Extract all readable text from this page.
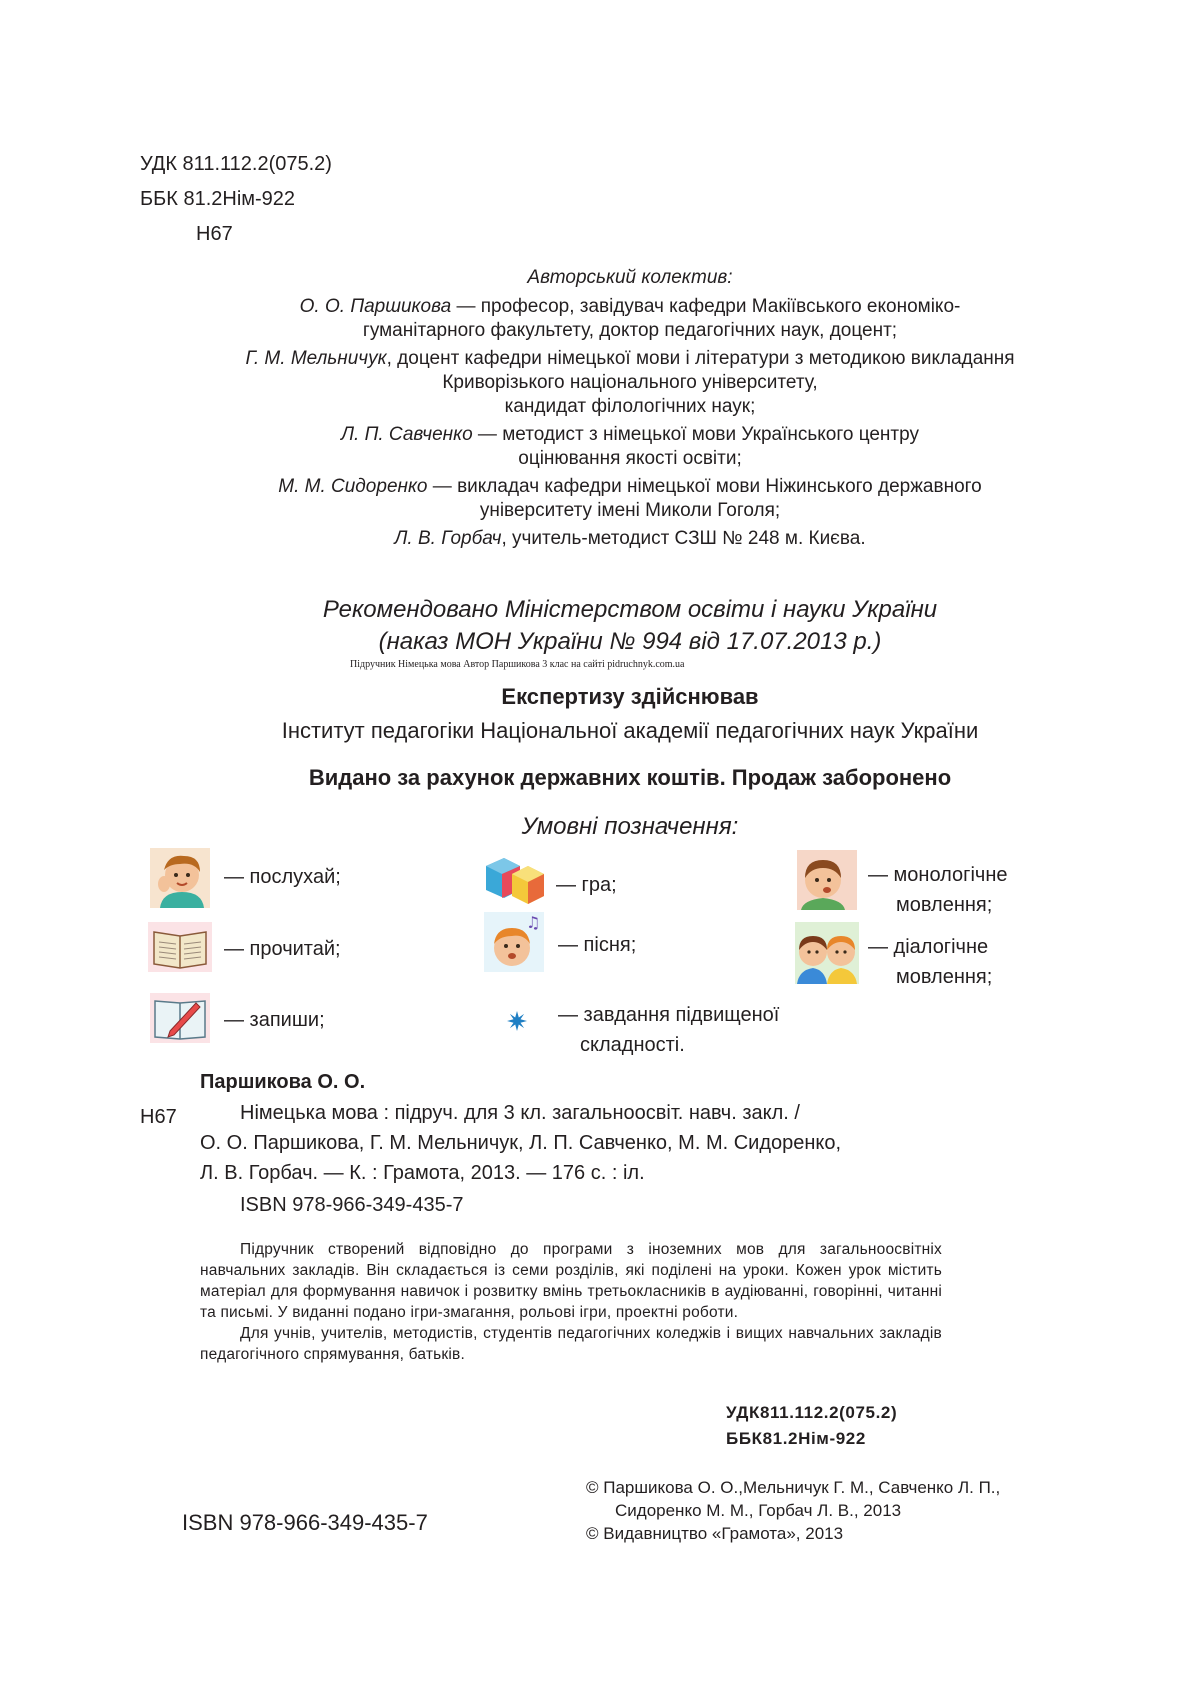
УДК 811.112.2(075.2)
ББК 81.2Нім-922
Н67
Авторський колектив:
О. О. Паршикова — професор, завідувач кафедри Макіївського економіко-
гуманітарного факультету, доктор педагогічних наук, доцент;
Г. М. Мельничук, доцент кафедри німецької мови і літератури з методикою викладання
Криворізького національного університету,
кандидат філологічних наук;
Л. П. Савченко — методист з німецької мови Українського центру
оцінювання якості освіти;
М. М. Сидоренко — викладач кафедри німецької мови Ніжинського державного
університету імені Миколи Гоголя;
Л. В. Горбач, учитель-методист СЗШ № 248 м. Києва.
Рекомендовано Міністерством освіти і науки України
(наказ МОН України № 994 від 17.07.2013 р.)
Підручник Німецька мова Автор Паршикова 3 клас на сайті pidruchnyk.com.ua
Експертизу здійснював
Інститут педагогіки Національної академії педагогічних наук України
Видано за рахунок державних коштів. Продаж заборонено
Умовні позначення:
— послухай;
— прочитай;
— запиши;
— гра;
♫
— пісня;
— завдання підвищеної
складності.
— монологічне
мовлення;
— діалогічне
мовлення;
Паршикова О. О.
Н67	Німецька мова : підруч. для 3 кл. загальноосвіт. навч. закл. /
О. О. Паршикова, Г. М. Мельничук, Л. П. Савченко, М. М. Сидоренко,
Л. В. Горбач. — К. : Грамота, 2013. — 176 с. : іл.
ISBN 978-966-349-435-7
Підручник створений відповідно до програми з іноземних мов для загальноосвітніх навчальних закладів. Він складається із семи розділів, які поділені на уроки. Кожен урок містить матеріал для формування навичок і розвитку вмінь третьокласників в аудіюванні, говорінні, читанні та письмі. У виданні подано ігри-змагання, рольові ігри, проектні роботи.
Для учнів, учителів, методистів, студентів педагогічних коледжів і вищих навчальних закладів педагогічного спрямування, батьків.
УДК811.112.2(075.2)
ББК81.2Нім-922
ISBN 978-966-349-435-7
© Паршикова О. О.,Мельничук Г. М., Савченко Л. П.,
Сидоренко М. М., Горбач Л. В., 2013
© Видавництво «Грамота», 2013
